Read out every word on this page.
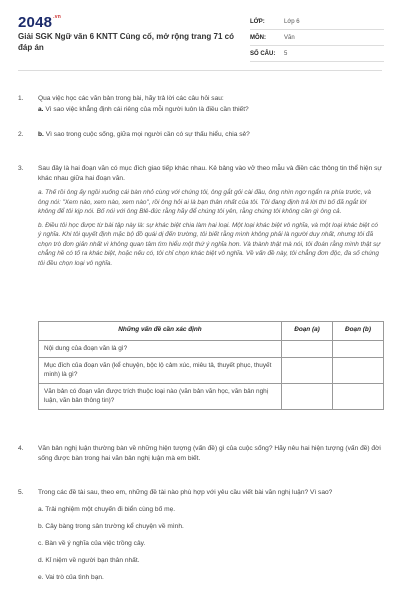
$2048^{.vn}$
Giải SGK Ngữ văn 6 KNTT Củng cố, mở rộng trang 71 có đáp án
LỚP:	Lớp 6
MÔN:	Văn
SỐ CÂU:	5
1.	Qua việc học các văn bản trong bài, hãy trả lời các câu hỏi sau:
a. Vì sao việc khẳng định cái riêng của mỗi người luôn là điều cần thiết?
2.	b. Vì sao trong cuộc sống, giữa mọi người cần có sự thấu hiểu, chia sẻ?
3.	Sau đây là hai đoạn văn có mục đích giao tiếp khác nhau. Kẻ bảng vào vở theo mẫu và điền các thông tin thể hiện sự khác nhau giữa hai đoạn văn.
a. Thế rồi ông ấy ngồi xuống cái bàn nhỏ cùng với chúng tôi, ông gắt gỏi cài đầu, ông nhìn ngơ ngẩn ra phía trước, và ông nói: "Xem nào, xem nào, xem nào", rồi ông hỏi ai là bạn thân nhất của tôi. Tôi đang định trả lời thì bố đã ngắt lời không để tôi kịp nói. Bố nói với ông Blê-đúc rằng hãy để chúng tôi yên, rằng chúng tôi không cần gì ông cả.
b. Điều tôi học được từ bài tập này là: sự khác biệt chia làm hai loại. Một loại khác biệt vô nghĩa, và một loại khác biệt có ý nghĩa. Khi tôi quyết định mặc bộ đồ quái dị đến trường, tôi biết rằng mình không phải là người duy nhất, nhưng tôi đã chọn trò đơn giản nhất vì không quan tâm tìm hiểu một thứ ý nghĩa hơn. Và thành thật mà nói, tôi đoán rằng mình thật sự chẳng hề có tố ra khác biệt, hoặc nếu có, tôi chỉ chọn khác biệt vô nghĩa. Về vấn đề này, tôi chẳng đơn độc, đa số chúng tôi đều chọn loại vô nghĩa.
Những vấn đề cần xác định	Đoạn (a)	Đoạn (b)
Nội dung của đoạn văn là gì?		
Mục đích của đoạn văn (kể chuyện, bộc lộ cảm xúc, miêu tả, thuyết phục, thuyết minh) là gì?		
Văn bản có đoạn văn được trích thuộc loại nào (văn bản văn học, văn bản nghị luận, văn bản thông tin)?		
4.	Văn bản nghị luận thường bàn về những hiện tượng (vấn đề) gì của cuộc sống? Hãy nêu hai hiện tượng (vấn đề) đời sống được bàn trong hai văn bản nghị luận mà em biết.
5.	Trong các đề tài sau, theo em, những đề tài nào phù hợp với yêu cầu viết bài văn nghị luận? Vì sao?
a. Trải nghiệm một chuyến đi biển cùng bố mẹ.
b. Cây bàng trong sân trường kể chuyện về mình.
c. Bàn về ý nghĩa của việc trồng cây.
d. Kỉ niệm về người bạn thân nhất.
e. Vai trò của tình bạn.
